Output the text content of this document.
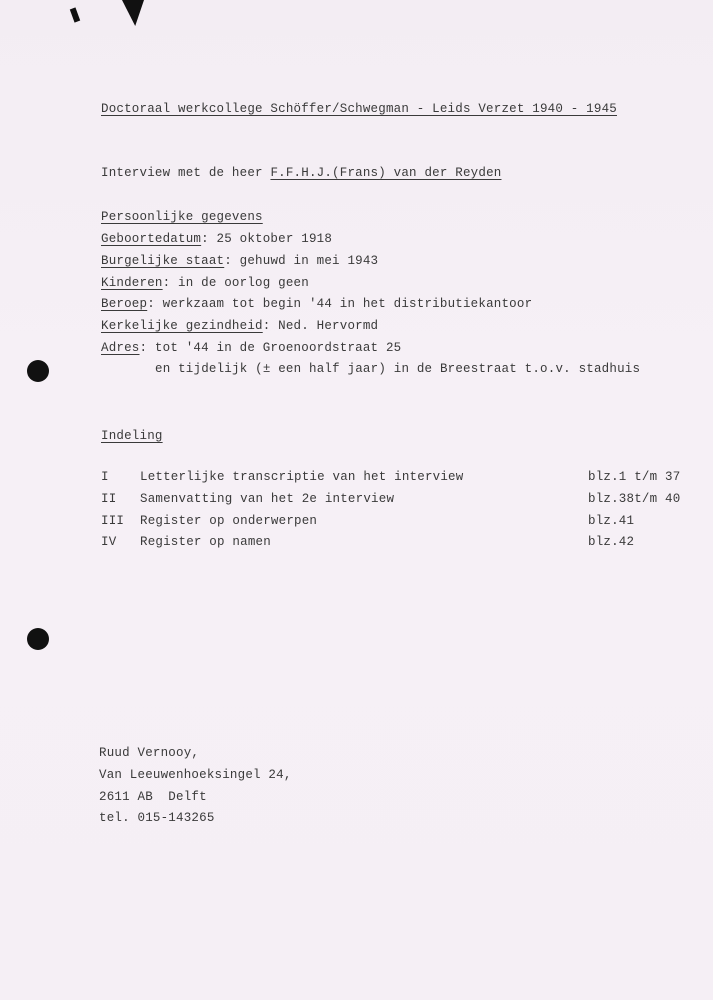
Doctoraal werkcollege Schöffer/Schwegman - Leids Verzet 1940 - 1945
Interview met de heer F.F.H.J.(Frans) van der Reyden
Persoonlijke gegevens
Geboortedatum: 25 oktober 1918
Burgelijke staat: gehuwd in mei 1943
Kinderen: in de oorlog geen
Beroep: werkzaam tot begin '44 in het distributiekantoor
Kerkelijke gezindheid: Ned. Hervormd
Adres: tot '44 in de Groenoordstraat 25
en tijdelijk (± een half jaar) in de Breestraat t.o.v. stadhuis
Indeling
I	Letterlijke transcriptie van het interview	blz.1 t/m 37
II Samenvatting van het 2e interview	blz.38t/m 40
III Register op onderwerpen	blz.41
IV Register op namen	blz.42
Ruud Vernooy,
Van Leeuwenhoeksingel 24,
2611 AB  Delft
tel. 015-143265
